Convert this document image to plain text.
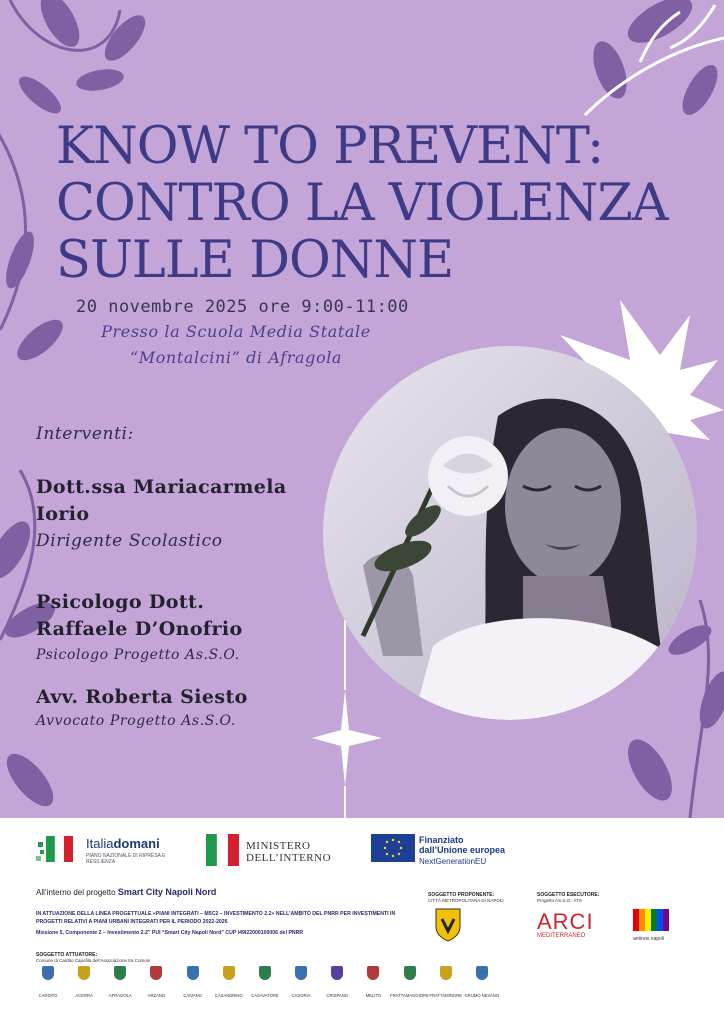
KNOW TO PREVENT:
CONTRO LA VIOLENZA
SULLE DONNE
20 novembre 2025 ore 9:00-11:00
Presso la Scuola Media Statale
“Montalcini” di Afragola
Interventi:
Dott.ssa Mariacarmela
Iorio
Dirigente Scolastico
Psicologo Dott.
Raffaele D’Onofrio
Psicologo Progetto As.S.O.
Avv. Roberta Siesto
Avvocato Progetto As.S.O.
Italiadomani
PIANO NAZIONALE DI RIPRESA E RESILIENZA
MINISTERO
DELL’INTERNO
Finanziato
dall’Unione europea
NextGenerationEU
All’interno del progetto Smart City Napoli Nord
IN ATTUAZIONE DELLA LINEA PROGETTUALE «PIANI INTEGRATI – M5C2 – INVESTIMENTO 2.2» NELL’AMBITO DEL PNRR PER INVESTIMENTI IN PROGETTI RELATIVI A PIANI URBANI INTEGRATI PER IL PERIODO 2022-2026
Missione 5, Componente 2 – Investimento 2.2” PUI “Smart City Napoli Nord” CUP I49I22000100006 del PNRR
SOGGETTO PROPONENTE:
CITTÀ METROPOLITANA DI NAPOLI
SOGGETTO ESECUTORE:
Progetto AS.S.O.: ATS
ARCI
MEDITERRANEO	antinoo napoli
SOGGETTO ATTUATORE:
Comune di Cardito Capofila dell’Associazione tra Comuni
CARDITO	ACERRA	AFRAGOLA	ARZANO	CAIVANO	CASANDRINO	CASAVATORE	CASORIA	CRISPANO	MELITO	FRATTAMAGGIORE FRATTAMINORE GRUMO NEVANO
